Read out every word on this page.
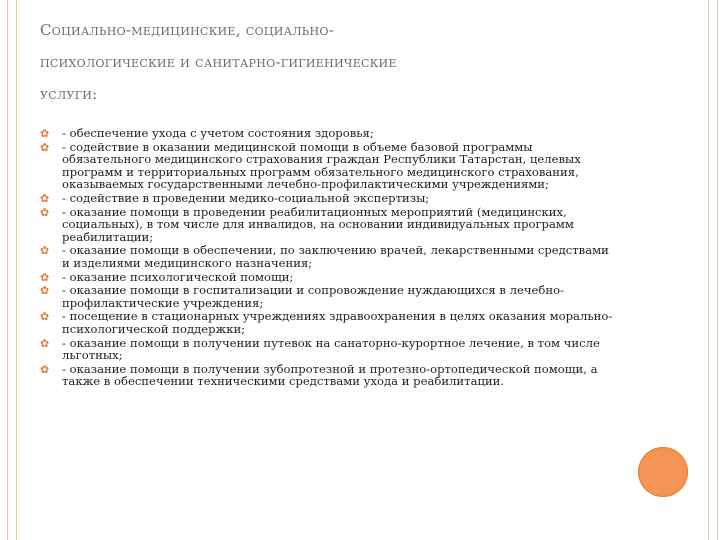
Социально-медицинские, социально-
психологические и санитарно-гигиенические
услуги:
✿ - обеспечение ухода с учетом состояния здоровья;
✿ - содействие в оказании медицинской помощи в объеме базовой программы обязательного медицинского страхования граждан Республики Татарстан, целевых программ и территориальных программ обязательного медицинского страхования, оказываемых государственными лечебно-профилактическими учреждениями;
✿ - содействие в проведении медико-социальной экспертизы;
✿ - оказание помощи в проведении реабилитационных мероприятий (медицинских, социальных), в том числе для инвалидов, на основании индивидуальных программ реабилитации;
✿ - оказание помощи в обеспечении, по заключению врачей, лекарственными средствами и изделиями медицинского назначения;
✿ - оказание психологической помощи;
✿ - оказание помощи в госпитализации и сопровождение нуждающихся в лечебно-профилактические учреждения;
✿ - посещение в стационарных учреждениях здравоохранения в целях оказания морально-психологической поддержки;
✿ - оказание помощи в получении путевок на санаторно-курортное лечение, в том числе льготных;
✿ - оказание помощи в получении зубопротезной и протезно-ортопедической помощи, а также в обеспечении техническими средствами ухода и реабилитации.
